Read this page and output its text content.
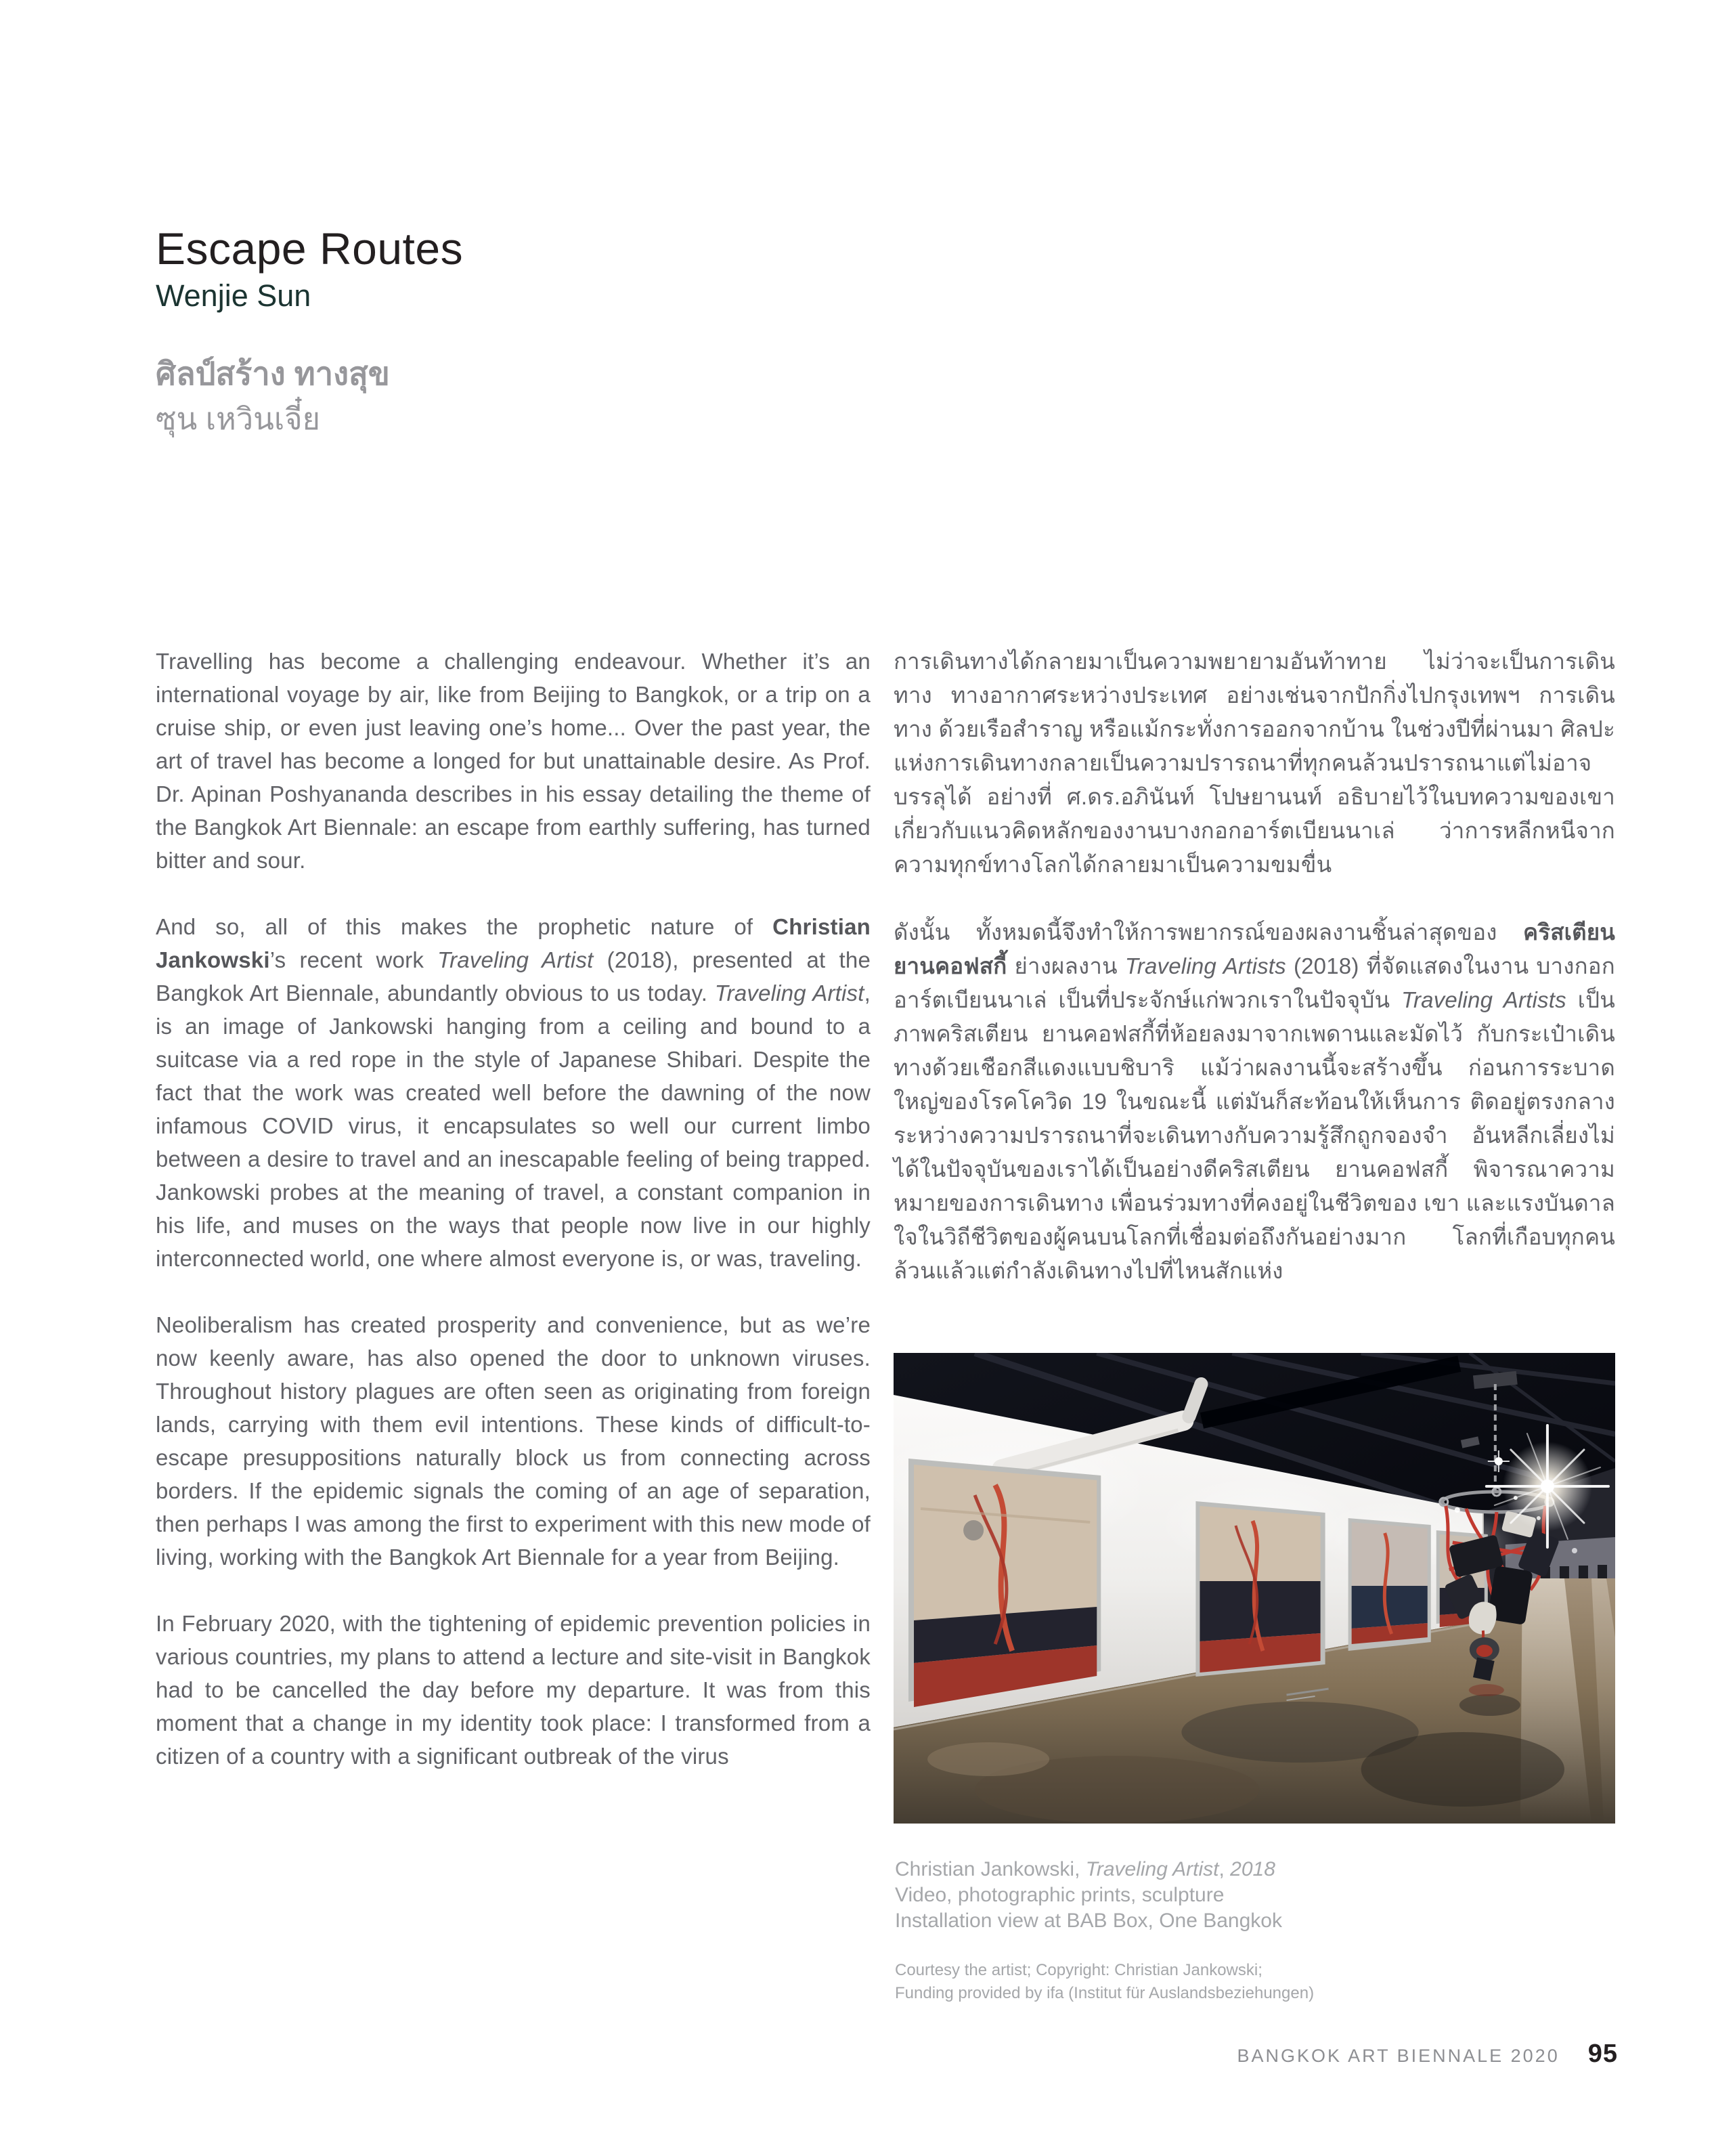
Escape Routes
Wenjie Sun
ศิลป์สร้าง ทางสุข
ซุน เหวินเจี๋ย

Travelling has become a challenging endeavour. Whether it’s an international voyage by air, like from Beijing to Bangkok, or a trip on a cruise ship, or even just leaving one’s home... Over the past year, the art of travel has become a longed for but unattainable desire. As Prof. Dr. Apinan Poshyananda describes in his essay detailing the theme of the Bangkok Art Biennale: an escape from earthly suffering, has turned bitter and sour.

And so, all of this makes the prophetic nature of Christian Jankowski’s recent work Traveling Artist (2018), presented at the Bangkok Art Biennale, abundantly obvious to us today. Traveling Artist, is an image of Jankowski hanging from a ceiling and bound to a suitcase via a red rope in the style of Japanese Shibari. Despite the fact that the work was created well before the dawning of the now infamous COVID virus, it encapsulates so well our current limbo between a desire to travel and an inescapable feeling of being trapped. Jankowski probes at the meaning of travel, a constant companion in his life, and muses on the ways that people now live in our highly interconnected world, one where almost everyone is, or was, traveling.

Neoliberalism has created prosperity and convenience, but as we’re now keenly aware, has also opened the door to unknown viruses. Throughout history plagues are often seen as originating from foreign lands, carrying with them evil intentions. These kinds of difficult-to-escape presuppositions naturally block us from connecting across borders. If the epidemic signals the coming of an age of separation, then perhaps I was among the first to experiment with this new mode of living, working with the Bangkok Art Biennale for a year from Beijing.

In February 2020, with the tightening of epidemic prevention policies in various countries, my plans to attend a lecture and site-visit in Bangkok had to be cancelled the day before my departure. It was from this moment that a change in my identity took place: I transformed from a citizen of a country with a significant outbreak of the virus

การเดินทางได้กลายมาเป็นความพยายามอันท้าทาย ไม่ว่าจะเป็นการเดินทาง ทางอากาศระหว่างประเทศ อย่างเช่นจากปักกิ่งไปกรุงเทพฯ การเดินทาง ด้วยเรือสำราญ หรือแม้กระทั่งการออกจากบ้าน ในช่วงปีที่ผ่านมา ศิลปะ แห่งการเดินทางกลายเป็นความปรารถนาที่ทุกคนล้วนปรารถนาแต่ไม่อาจ บรรลุได้ อย่างที่ ศ.ดร.อภินันท์ โปษยานนท์ อธิบายไว้ในบทความของเขา เกี่ยวกับแนวคิดหลักของงานบางกอกอาร์ตเบียนนาเล่ ว่าการหลีกหนีจาก ความทุกข์ทางโลกได้กลายมาเป็นความขมขื่น

ดังนั้น ทั้งหมดนี้จึงทำให้การพยากรณ์ของผลงานชิ้นล่าสุดของ คริสเตียน ยานคอฟสกี้ ย่างผลงาน Traveling Artists (2018) ที่จัดแสดงในงาน บางกอกอาร์ตเบียนนาเล่ เป็นที่ประจักษ์แก่พวกเราในปัจจุบัน Traveling Artists เป็นภาพคริสเตียน ยานคอฟสกี้ที่ห้อยลงมาจากเพดานและมัดไว้ กับกระเป๋าเดินทางด้วยเชือกสีแดงแบบชิบาริ แม้ว่าผลงานนี้จะสร้างขึ้น ก่อนการระบาดใหญ่ของโรคโควิด 19 ในขณะนี้ แต่มันก็สะท้อนให้เห็นการ ติดอยู่ตรงกลางระหว่างความปรารถนาที่จะเดินทางกับความรู้สึกถูกจองจำ อันหลีกเลี่ยงไม่ได้ในปัจจุบันของเราได้เป็นอย่างดีคริสเตียน ยานคอฟสกี้ พิจารณาความหมายของการเดินทาง เพื่อนร่วมทางที่คงอยู่ในชีวิตของ เขา และแรงบันดาลใจในวิถีชีวิตของผู้คนบนโลกที่เชื่อมต่อถึงกันอย่างมาก โลกที่เกือบทุกคนล้วนแล้วแต่กำลังเดินทางไปที่ไหนสักแห่ง

Christian Jankowski, Traveling Artist, 2018
Video, photographic prints, sculpture
Installation view at BAB Box, One Bangkok
Courtesy the artist; Copyright: Christian Jankowski;
Funding provided by ifa (Institut für Auslandsbeziehungen)
BANGKOK ART BIENNALE 2020 95
